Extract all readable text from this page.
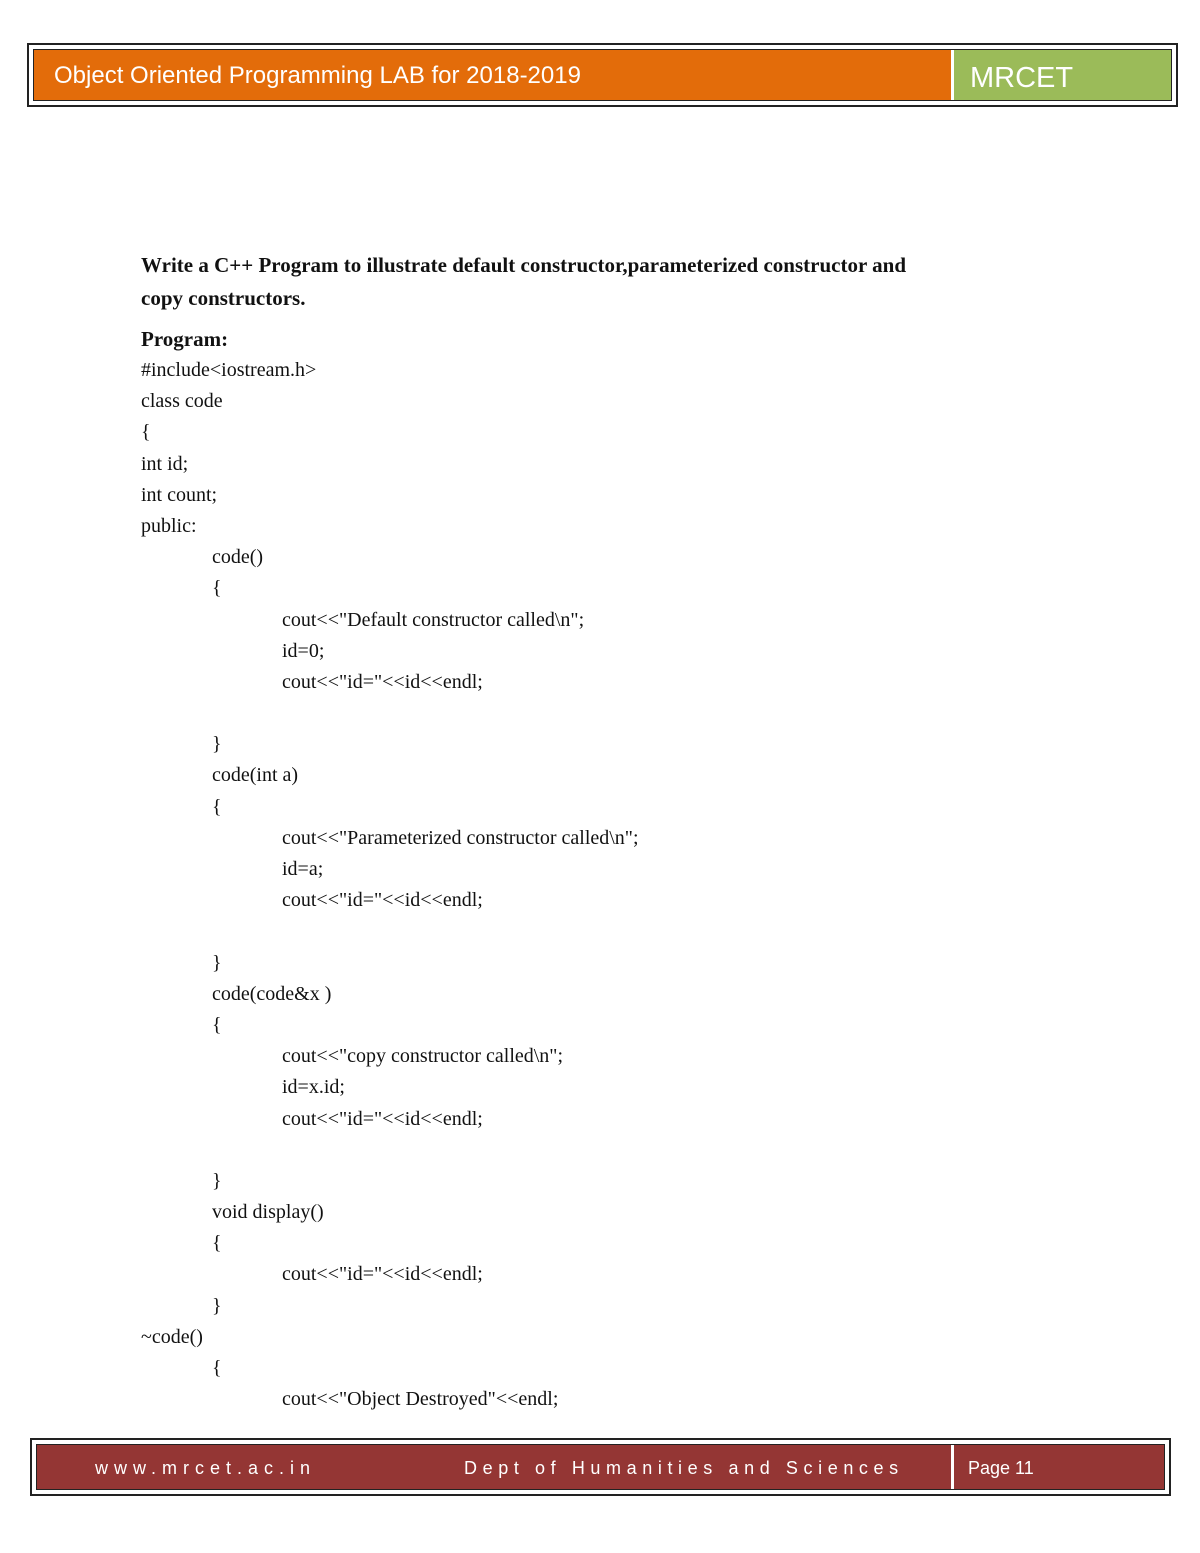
Object Oriented Programming LAB for 2018-2019	MRCET

Write a C++ Program to illustrate default constructor,parameterized constructor and
copy constructors.

Program:

#include<iostream.h>
class code
{
int id;
int count;
public:
code()
{
cout<<"Default constructor called\n";
id=0;
cout<<"id="<<id<<endl;
}
code(int a)
{
cout<<"Parameterized constructor called\n";
id=a;
cout<<"id="<<id<<endl;
}
code(code&x )
{
cout<<"copy constructor called\n";
id=x.id;
cout<<"id="<<id<<endl;
}
void display()
{
cout<<"id="<<id<<endl;
}
~code()
{
cout<<"Object Destroyed"<<endl;
www.mrcet.ac.in	Dept of Humanities and Sciences	Page 11
